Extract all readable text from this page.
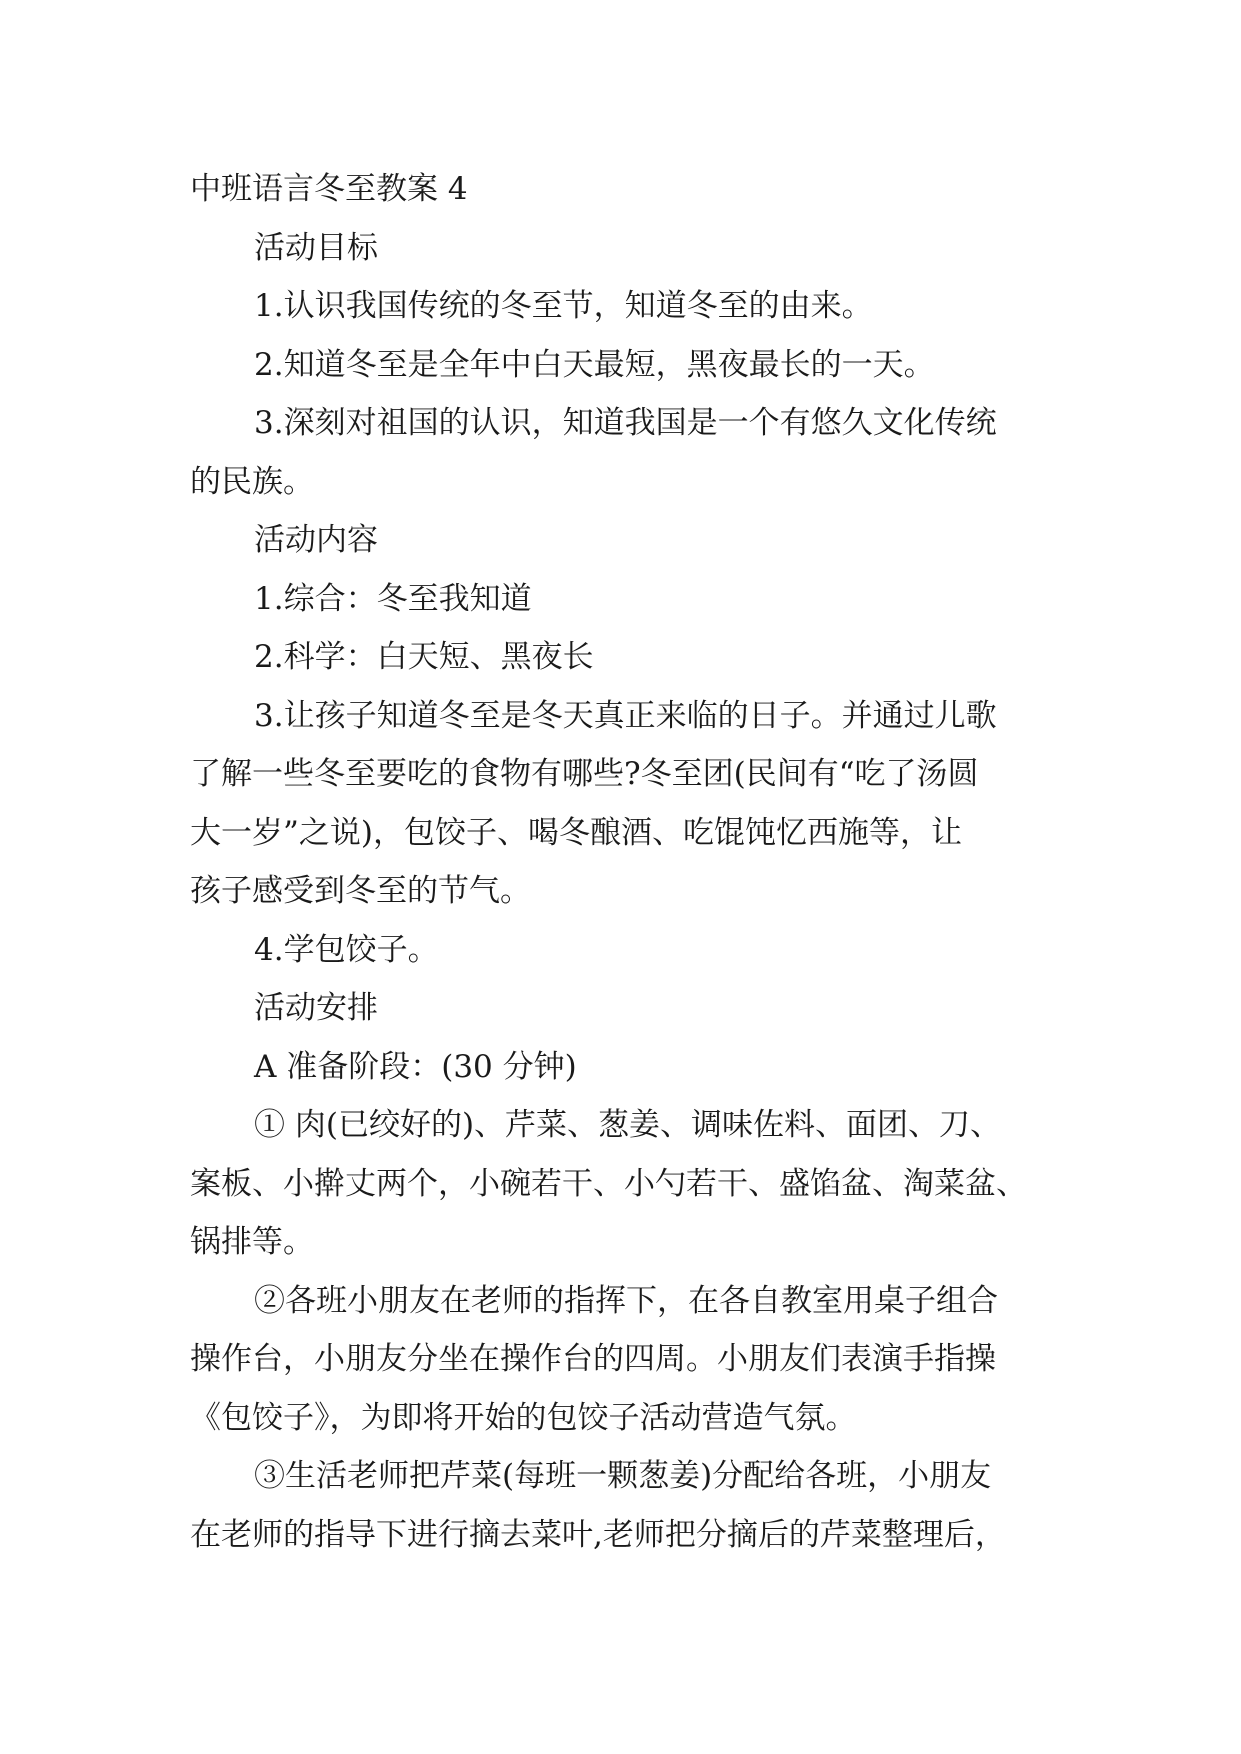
中班语言冬至教案 4
活动目标
1.认识我国传统的冬至节，知道冬至的由来。
2.知道冬至是全年中白天最短，黑夜最长的一天。
3.深刻对祖国的认识，知道我国是一个有悠久文化传统
的民族。
活动内容
1.综合：冬至我知道
2.科学：白天短、黑夜长
3.让孩子知道冬至是冬天真正来临的日子。并通过儿歌
了解一些冬至要吃的食物有哪些?冬至团(民间有“吃了汤圆
大一岁”之说)，包饺子、喝冬酿酒、吃馄饨忆西施等，让
孩子感受到冬至的节气。
4.学包饺子。
活动安排
A 准备阶段：(30 分钟)
① 肉(已绞好的)、芹菜、葱姜、调味佐料、面团、刀、
案板、小擀丈两个，小碗若干、小勺若干、盛馅盆、淘菜盆、
锅排等。
②各班小朋友在老师的指挥下，在各自教室用桌子组合
操作台，小朋友分坐在操作台的四周。小朋友们表演手指操
《包饺子》，为即将开始的包饺子活动营造气氛。
③生活老师把芹菜(每班一颗葱姜)分配给各班，小朋友
在老师的指导下进行摘去菜叶,老师把分摘后的芹菜整理后，
